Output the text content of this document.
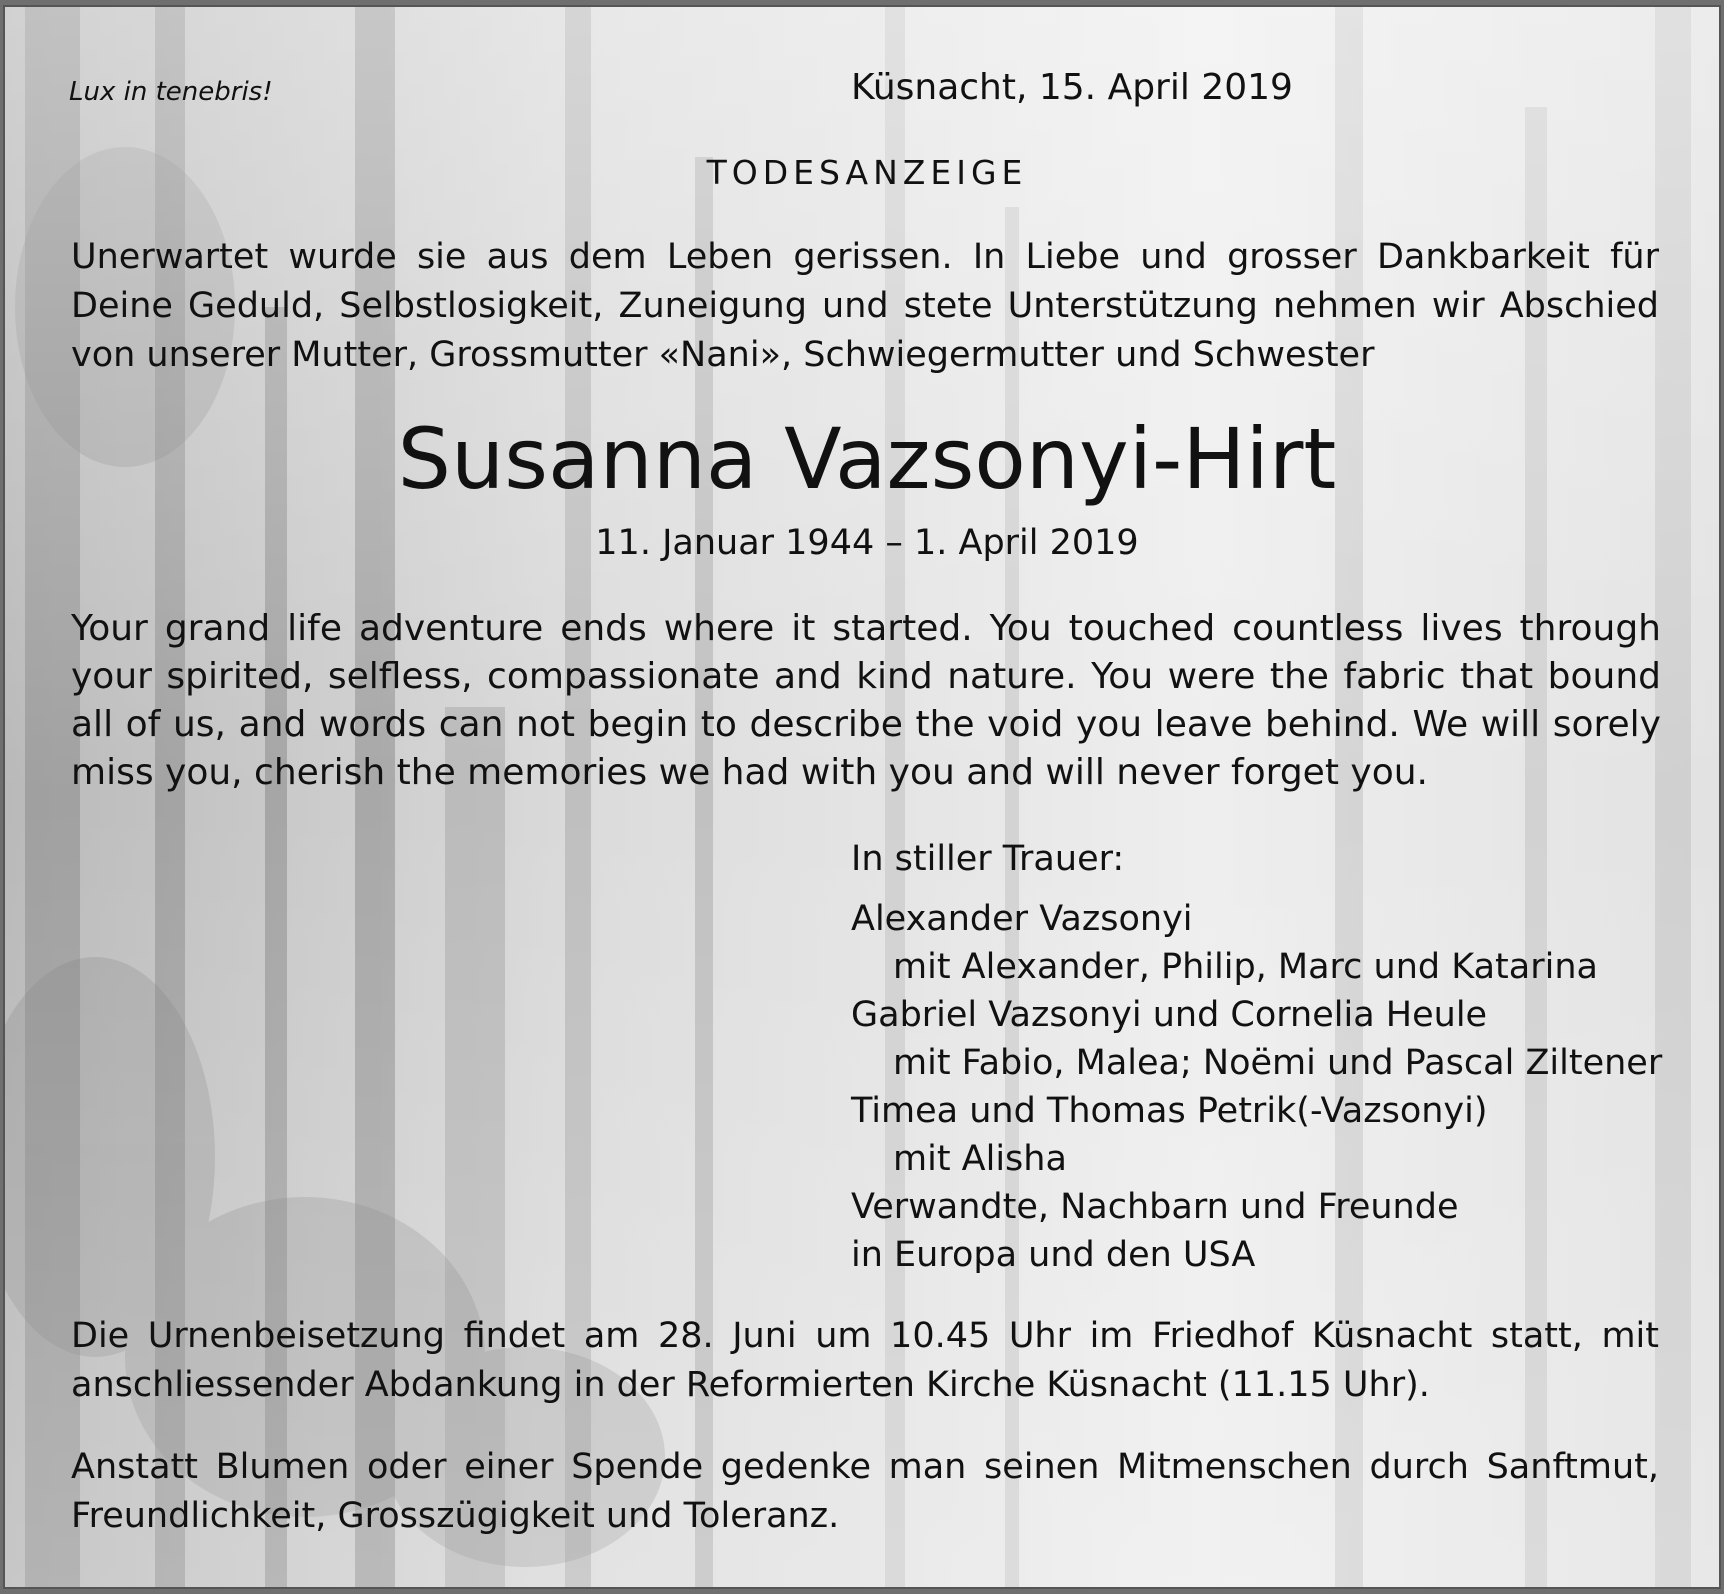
Lux in tenebris!	Küsnacht, 15. April 2019
TODESANZEIGE
Unerwartet wurde sie aus dem Leben gerissen. In Liebe und grosser Dankbarkeit für Deine Geduld, Selbstlosigkeit, Zuneigung und stete Unterstützung nehmen wir Abschied von unserer Mutter, Grossmutter «Nani», Schwiegermutter und Schwester
Susanna Vazsonyi-Hirt
11. Januar 1944 – 1. April 2019
Your grand life adventure ends where it started. You touched countless lives through your spirited, selfless, compassionate and kind nature. You were the fabric that bound all of us, and words can not begin to describe the void you leave behind. We will sorely miss you, cherish the memories we had with you and will never forget you.
In stiller Trauer:
Alexander Vazsonyi
mit Alexander, Philip, Marc und Katarina
Gabriel Vazsonyi und Cornelia Heule
mit Fabio, Malea; Noëmi und Pascal Ziltener
Timea und Thomas Petrik(-Vazsonyi)
mit Alisha
Verwandte, Nachbarn und Freunde
in Europa und den USA
Die Urnenbeisetzung findet am 28. Juni um 10.45 Uhr im Friedhof Küsnacht statt, mit anschliessender Abdankung in der Reformierten Kirche Küsnacht (11.15 Uhr).
Anstatt Blumen oder einer Spende gedenke man seinen Mitmenschen durch Sanftmut, Freundlichkeit, Grosszügigkeit und Toleranz.
